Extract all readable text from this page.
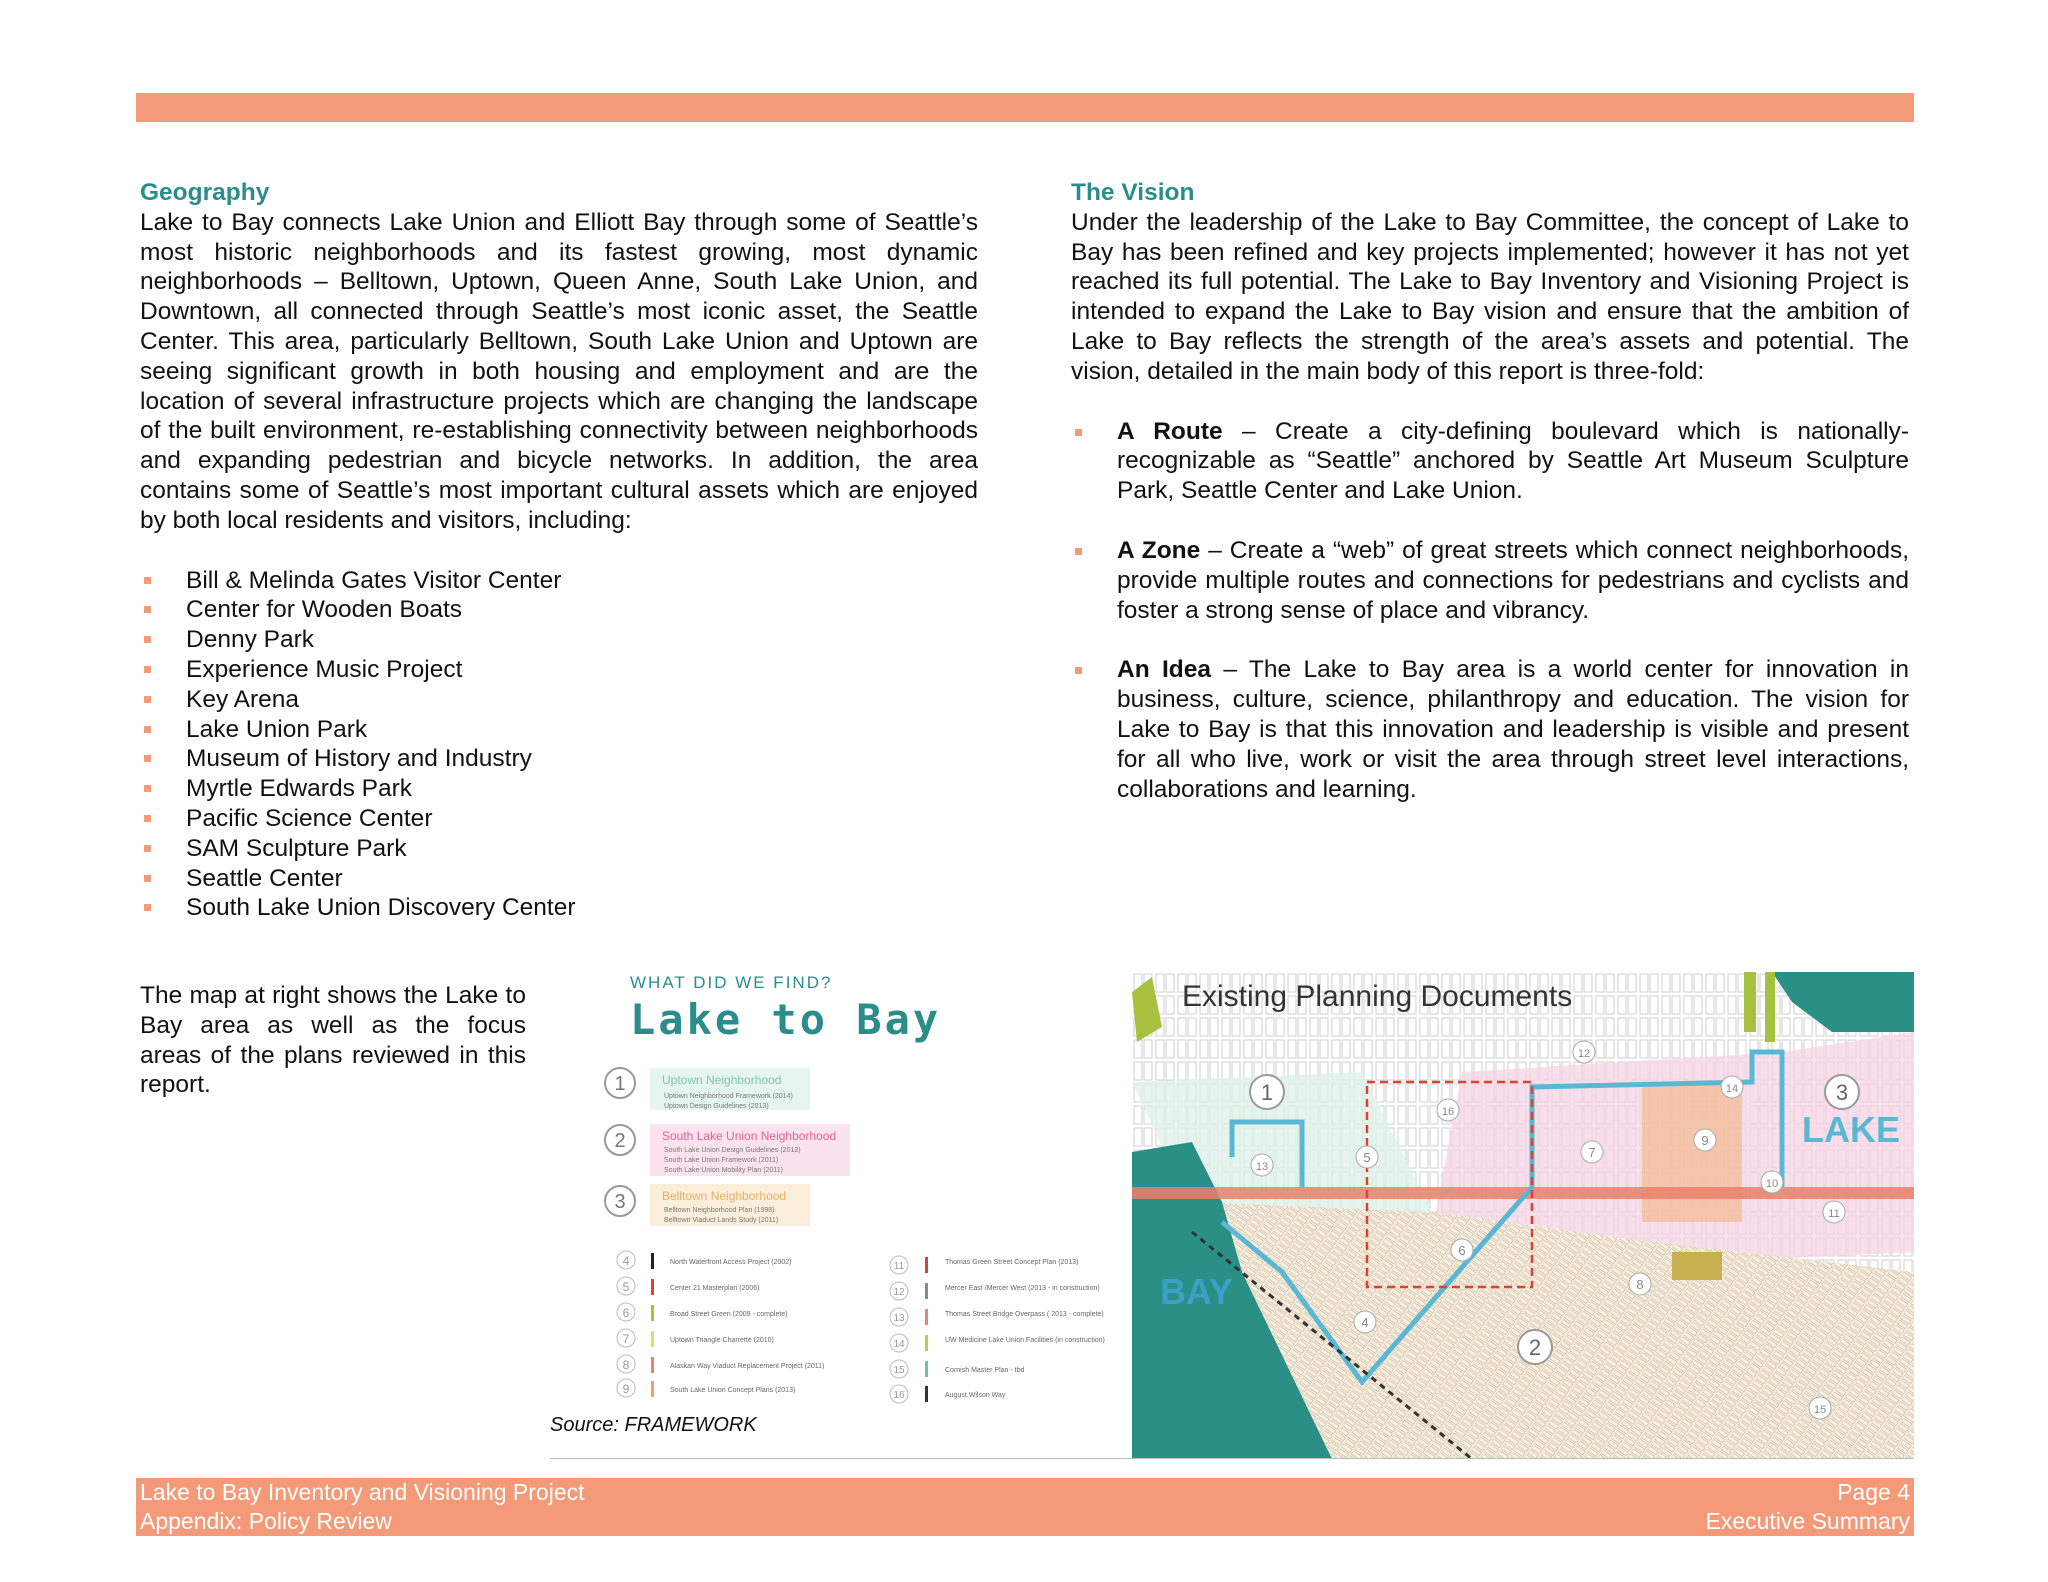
Geography

Lake to Bay connects Lake Union and Elliott Bay through some of Seattle’s most historic neighborhoods and its fastest growing, most dynamic neighborhoods – Belltown, Uptown, Queen Anne, South Lake Union, and Downtown, all connected through Seattle’s most iconic asset, the Seattle Center. This area, particularly Belltown, South Lake Union and Uptown are seeing significant growth in both housing and employment and are the location of several infrastructure projects which are changing the landscape of the built environment, re-establishing connectivity between neighborhoods and expanding pedestrian and bicycle networks. In addition, the area contains some of Seattle’s most important cultural assets which are enjoyed by both local residents and visitors, including:

Bill & Melinda Gates Visitor Center
Center for Wooden Boats
Denny Park
Experience Music Project
Key Arena
Lake Union Park
Museum of History and Industry
Myrtle Edwards Park
Pacific Science Center
SAM Sculpture Park
Seattle Center
South Lake Union Discovery Center
The Vision

Under the leadership of the Lake to Bay Committee, the concept of Lake to Bay has been refined and key projects implemented; however it has not yet reached its full potential. The Lake to Bay Inventory and Visioning Project is intended to expand the Lake to Bay vision and ensure that the ambition of Lake to Bay reflects the strength of the area’s assets and potential. The vision, detailed in the main body of this report is three-fold:

A Route – Create a city-defining boulevard which is nationally-recognizable as “Seattle” anchored by Seattle Art Museum Sculpture Park, Seattle Center and Lake Union.
A Zone – Create a “web” of great streets which connect neighborhoods, provide multiple routes and connections for pedestrians and cyclists and foster a strong sense of place and vibrancy.
An Idea – The Lake to Bay area is a world center for innovation in business, culture, science, philanthropy and education. The vision for Lake to Bay is that this innovation and leadership is visible and present for all who live, work or visit the area through street level interactions, collaborations and learning.

The map at right shows the Lake to Bay area as well as the focus areas of the plans reviewed in this report.

WHAT DID WE FIND?
Lake to Bay
1	Uptown Neighborhood
Uptown Neighborhood Framework (2014)
Uptown Design Guidelines (2013)
2	South Lake Union Neighborhood
South Lake Union Design Guidelines (2012)
South Lake Union Framework (2011)
South Lake Union Mobility Plan (2011)
3	Belltown Neighborhood
Belltown Neighborhood Plan (1998)
Belltown Viaduct Lands Study (2011)
4	North Waterfront Access Project (2002)
5	Center 21 Masterplan (2006)
6	Broad Street Green (2009 - complete)
7	Uptown Triangle Charrette (2010)
8	Alaskan Way Viaduct Replacement Project (2011)
9	South Lake Union Concept Plans (2013)
11	Thomas Green Street Concept Plan (2013)
12	Mercer East /Mercer West (2013 - in construction)
13	Thomas Street Bridge Overpass ( 2013 - complete)
14	UW Medicine Lake Union Facilities (in construction)
15	Cornish Master Plan - tbd
16	August Wilson Way
Source: FRAMEWORK
Existing Planning Documents
LAKE
BAY
1
2
3
4
5
6
7
8
9
10
11
12
13
14
15
16
Lake to Bay Inventory and Visioning Project
Appendix: Policy Review
Page 4
Executive Summary
